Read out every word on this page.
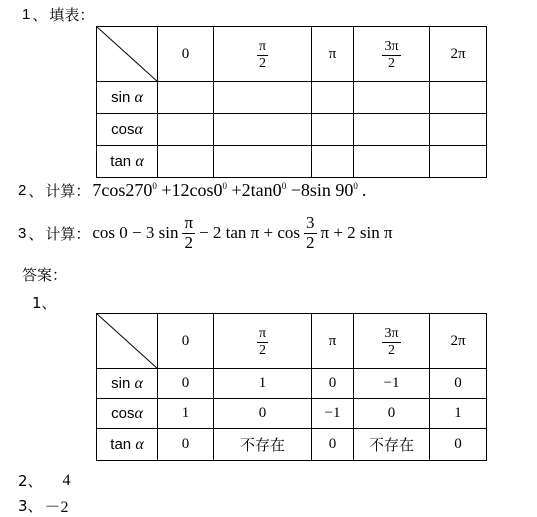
1 、 填表：
	0	$\frac{\pi}{2}$	π	$\frac{3\pi}{2}$	2π
sin α					
cosα					
tan α					
2 、 计算： $7\cos 270^0 +12\cos 0^0 +2\tan 0^0 -8\sin$ $90^0$ .
3 、 计算： cos 0 − 3 $\sin \frac{\pi}{2} - 2$ $\tan \pi + \cos \frac{3}{2}$ π + 2 sin π
答案：
1、
	0	$\frac{\pi}{2}$	π	$\frac{3\pi}{2}$	2π
sin α	0	1	0	−1	0
cosα	1	0	−1	0	1
tan α	0	不存在	0	不存在	0
2、 4
3、 －2
